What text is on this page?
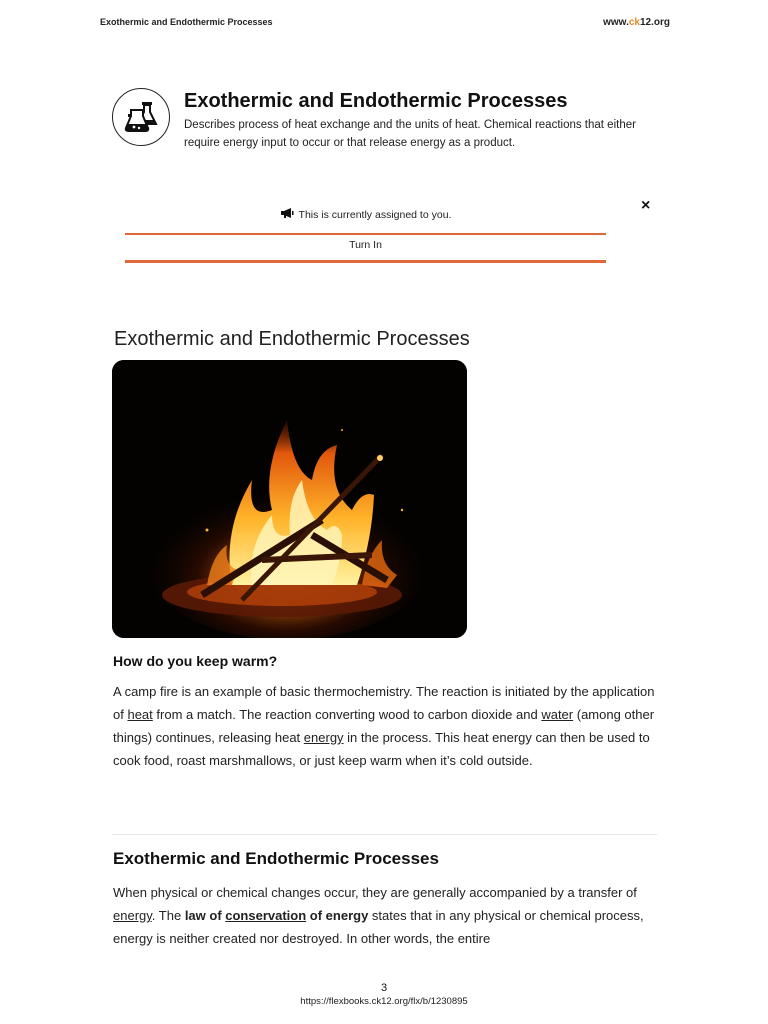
Exothermic and Endothermic Processes	www.ck12.org
Exothermic and Endothermic Processes
Describes process of heat exchange and the units of heat. Chemical reactions that either require energy input to occur or that release energy as a product.
×
This is currently assigned to you.
Turn In
Exothermic and Endothermic Processes
How do you keep warm?
A camp fire is an example of basic thermochemistry. The reaction is initiated by the application of heat from a match. The reaction converting wood to carbon dioxide and water (among other things) continues, releasing heat energy in the process. This heat energy can then be used to cook food, roast marshmallows, or just keep warm when it’s cold outside.
Exothermic and Endothermic Processes
When physical or chemical changes occur, they are generally accompanied by a transfer of energy. The law of conservation of energy states that in any physical or chemical process, energy is neither created nor destroyed. In other words, the entire
3
https://flexbooks.ck12.org/flx/b/1230895
